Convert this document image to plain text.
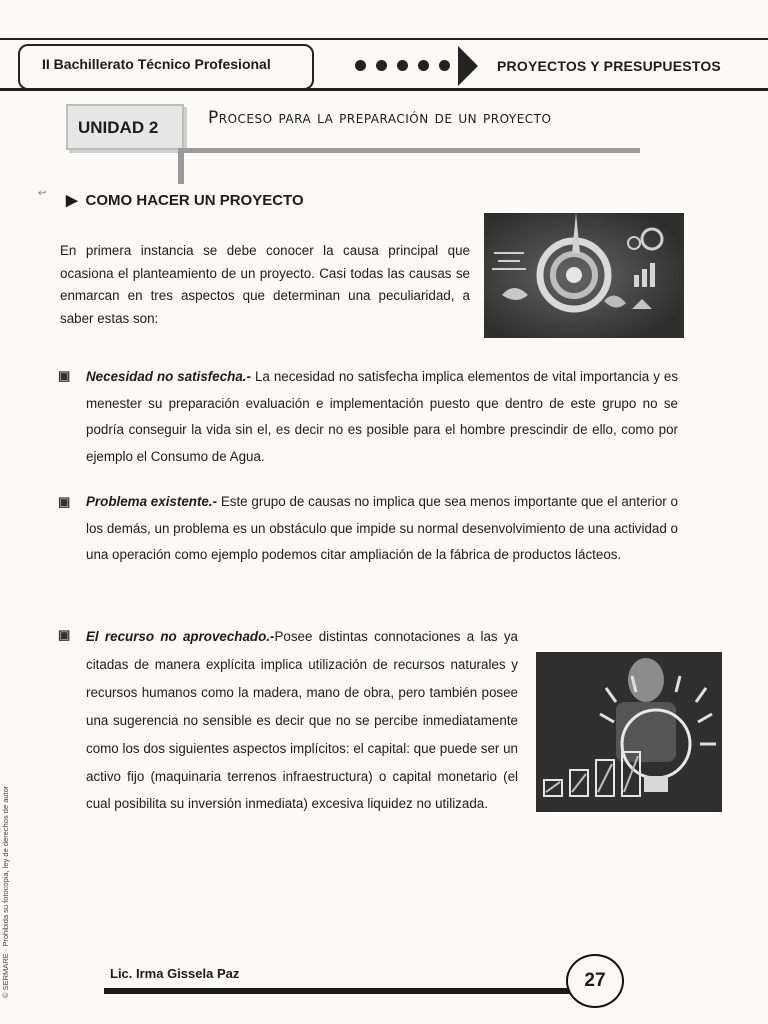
II Bachillerato Técnico Profesional	PROYECTOS Y PRESUPUESTOS
UNIDAD 2	Proceso para la preparación de un proyecto
↩ ▶ COMO HACER UN PROYECTO
En primera instancia se debe conocer la causa principal que ocasiona el planteamiento de un proyecto. Casi todas las causas se enmarcan en tres aspectos que determinan una peculiaridad, a saber estas son:
▣ Necesidad no satisfecha.- La necesidad no satisfecha implica elementos de vital importancia y es menester su preparación evaluación e implementación puesto que dentro de este grupo no se podría conseguir la vida sin el, es decir no es posible para el hombre prescindir de ello, como por ejemplo el Consumo de Agua.
▣ Problema existente.- Este grupo de causas no implica que sea menos importante que el anterior o los demás, un problema es un obstáculo que impide su normal desenvolvimiento de una actividad o una operación como ejemplo podemos citar ampliación de la fábrica de productos lácteos.
▣ El recurso no aprovechado.-Posee distintas connotaciones a las ya citadas de manera explícita implica utilización de recursos naturales y recursos humanos como la madera, mano de obra, pero también posee una sugerencia no sensible es decir que no se percibe inmediatamente como los dos siguientes aspectos implícitos: el capital: que puede ser un activo fijo (maquinaria terrenos infraestructura) o capital monetario (el cual posibilita su inversión inmediata) excesiva liquidez no utilizada.
© SERMARE · Prohibida su fotocopia, ley de derechos de autor	Lic. Irma Gissela Paz	27
